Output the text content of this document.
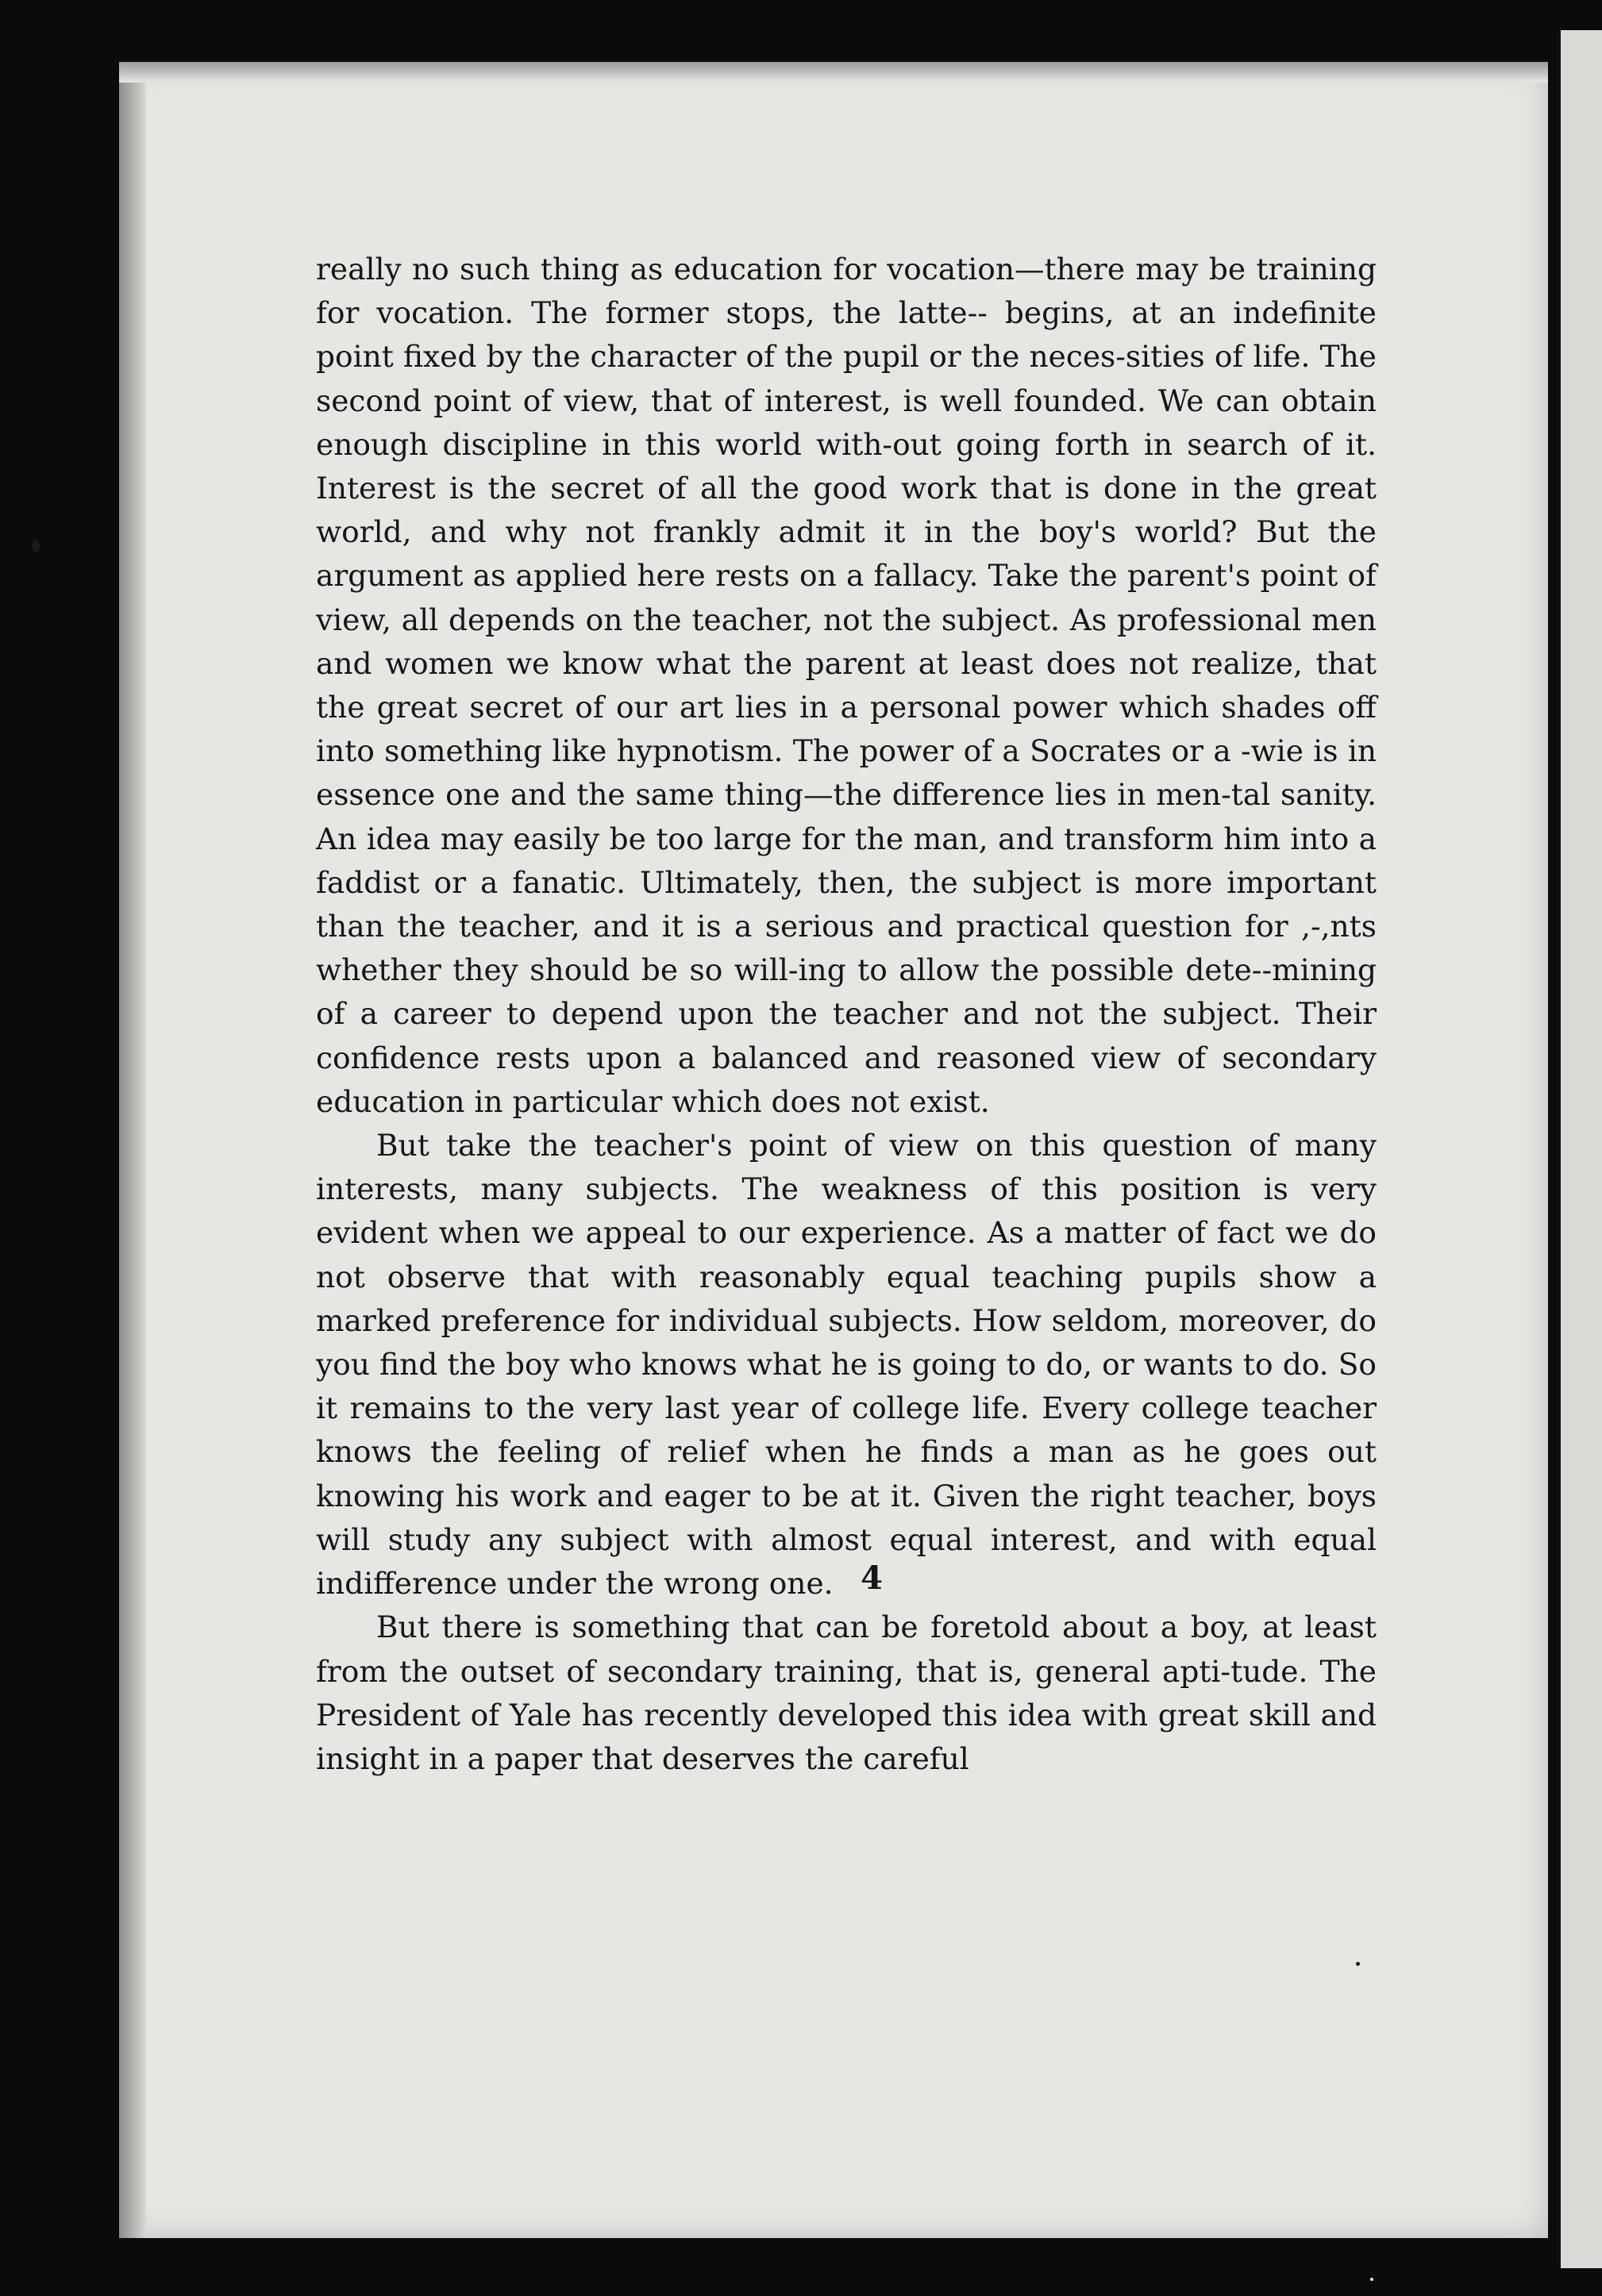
really no such thing as education for vocation—there may be training for vocation. The former stops, the latte-- begins, at an indefinite point fixed by the character of the pupil or the neces-sities of life. The second point of view, that of interest, is well founded. We can obtain enough discipline in this world with-out going forth in search of it. Interest is the secret of all the good work that is done in the great world, and why not frankly admit it in the boy's world? But the argument as applied here rests on a fallacy. Take the parent's point of view, all depends on the teacher, not the subject. As professional men and women we know what the parent at least does not realize, that the great secret of our art lies in a personal power which shades off into something like hypnotism. The power of a Socrates or a -wie is in essence one and the same thing—the difference lies in men-tal sanity. An idea may easily be too large for the man, and transform him into a faddist or a fanatic. Ultimately, then, the subject is more important than the teacher, and it is a serious and practical question for ,-,nts whether they should be so will-ing to allow the possible dete--mining of a career to depend upon the teacher and not the subject. Their confidence rests upon a balanced and reasoned view of secondary education in particular which does not exist.

But take the teacher's point of view on this question of many interests, many subjects. The weakness of this position is very evident when we appeal to our experience. As a matter of fact we do not observe that with reasonably equal teaching pupils show a marked preference for individual subjects. How seldom, moreover, do you find the boy who knows what he is going to do, or wants to do. So it remains to the very last year of college life. Every college teacher knows the feeling of relief when he finds a man as he goes out knowing his work and eager to be at it. Given the right teacher, boys will study any subject with almost equal interest, and with equal indifference under the wrong one.

But there is something that can be foretold about a boy, at least from the outset of secondary training, that is, general apti-tude. The President of Yale has recently developed this idea with great skill and insight in a paper that deserves the careful

4
